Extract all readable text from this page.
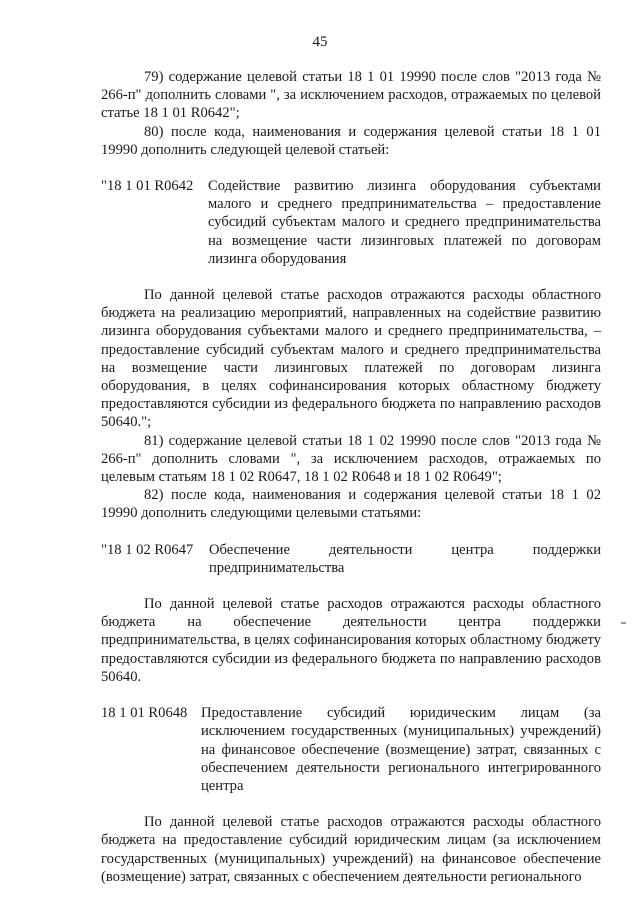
45

79) содержание целевой статьи 18 1 01 19990 после слов "2013 года № 266-п" дополнить словами ", за исключением расходов, отражаемых по целевой статье 18 1 01 R0642";

80) после кода, наименования и содержания целевой статьи 18 1 01 19990 дополнить следующей целевой статьей:

"18 1 01 R0642	Содействие развитию лизинга оборудования субъектами малого и среднего предпринимательства – предоставление субсидий субъектам малого и среднего предпринимательства на возмещение части лизинговых платежей по договорам лизинга оборудования

По данной целевой статье расходов отражаются расходы областного бюджета на реализацию мероприятий, направленных на содействие развитию лизинга оборудования субъектами малого и среднего предпринимательства, – предоставление субсидий субъектам малого и среднего предпринимательства на возмещение части лизинговых платежей по договорам лизинга оборудования, в целях софинансирования которых областному бюджету предоставляются субсидии из федерального бюджета по направлению расходов 50640.";

81) содержание целевой статьи 18 1 02 19990 после слов "2013 года № 266-п" дополнить словами ", за исключением расходов, отражаемых по целевым статьям 18 1 02 R0647, 18 1 02 R0648 и 18 1 02 R0649";

82) после кода, наименования и содержания целевой статьи 18 1 02 19990 дополнить следующими целевыми статьями:

"18 1 02 R0647	Обеспечение деятельности центра поддержки предпринимательства

По данной целевой статье расходов отражаются расходы областного бюджета на обеспечение деятельности центра поддержки предпринимательства, в целях софинансирования которых областному бюджету предоставляются субсидии из федерального бюджета по направлению расходов 50640.

18 1 01 R0648 Предоставление субсидий юридическим лицам (за исключением государственных (муниципальных) учреждений) на финансовое обеспечение (возмещение) затрат, связанных с обеспечением деятельности регионального интегрированного центра

По данной целевой статье расходов отражаются расходы областного бюджета на предоставление субсидий юридическим лицам (за исключением государственных (муниципальных) учреждений) на финансовое обеспечение (возмещение) затрат, связанных с обеспечением деятельности регионального
